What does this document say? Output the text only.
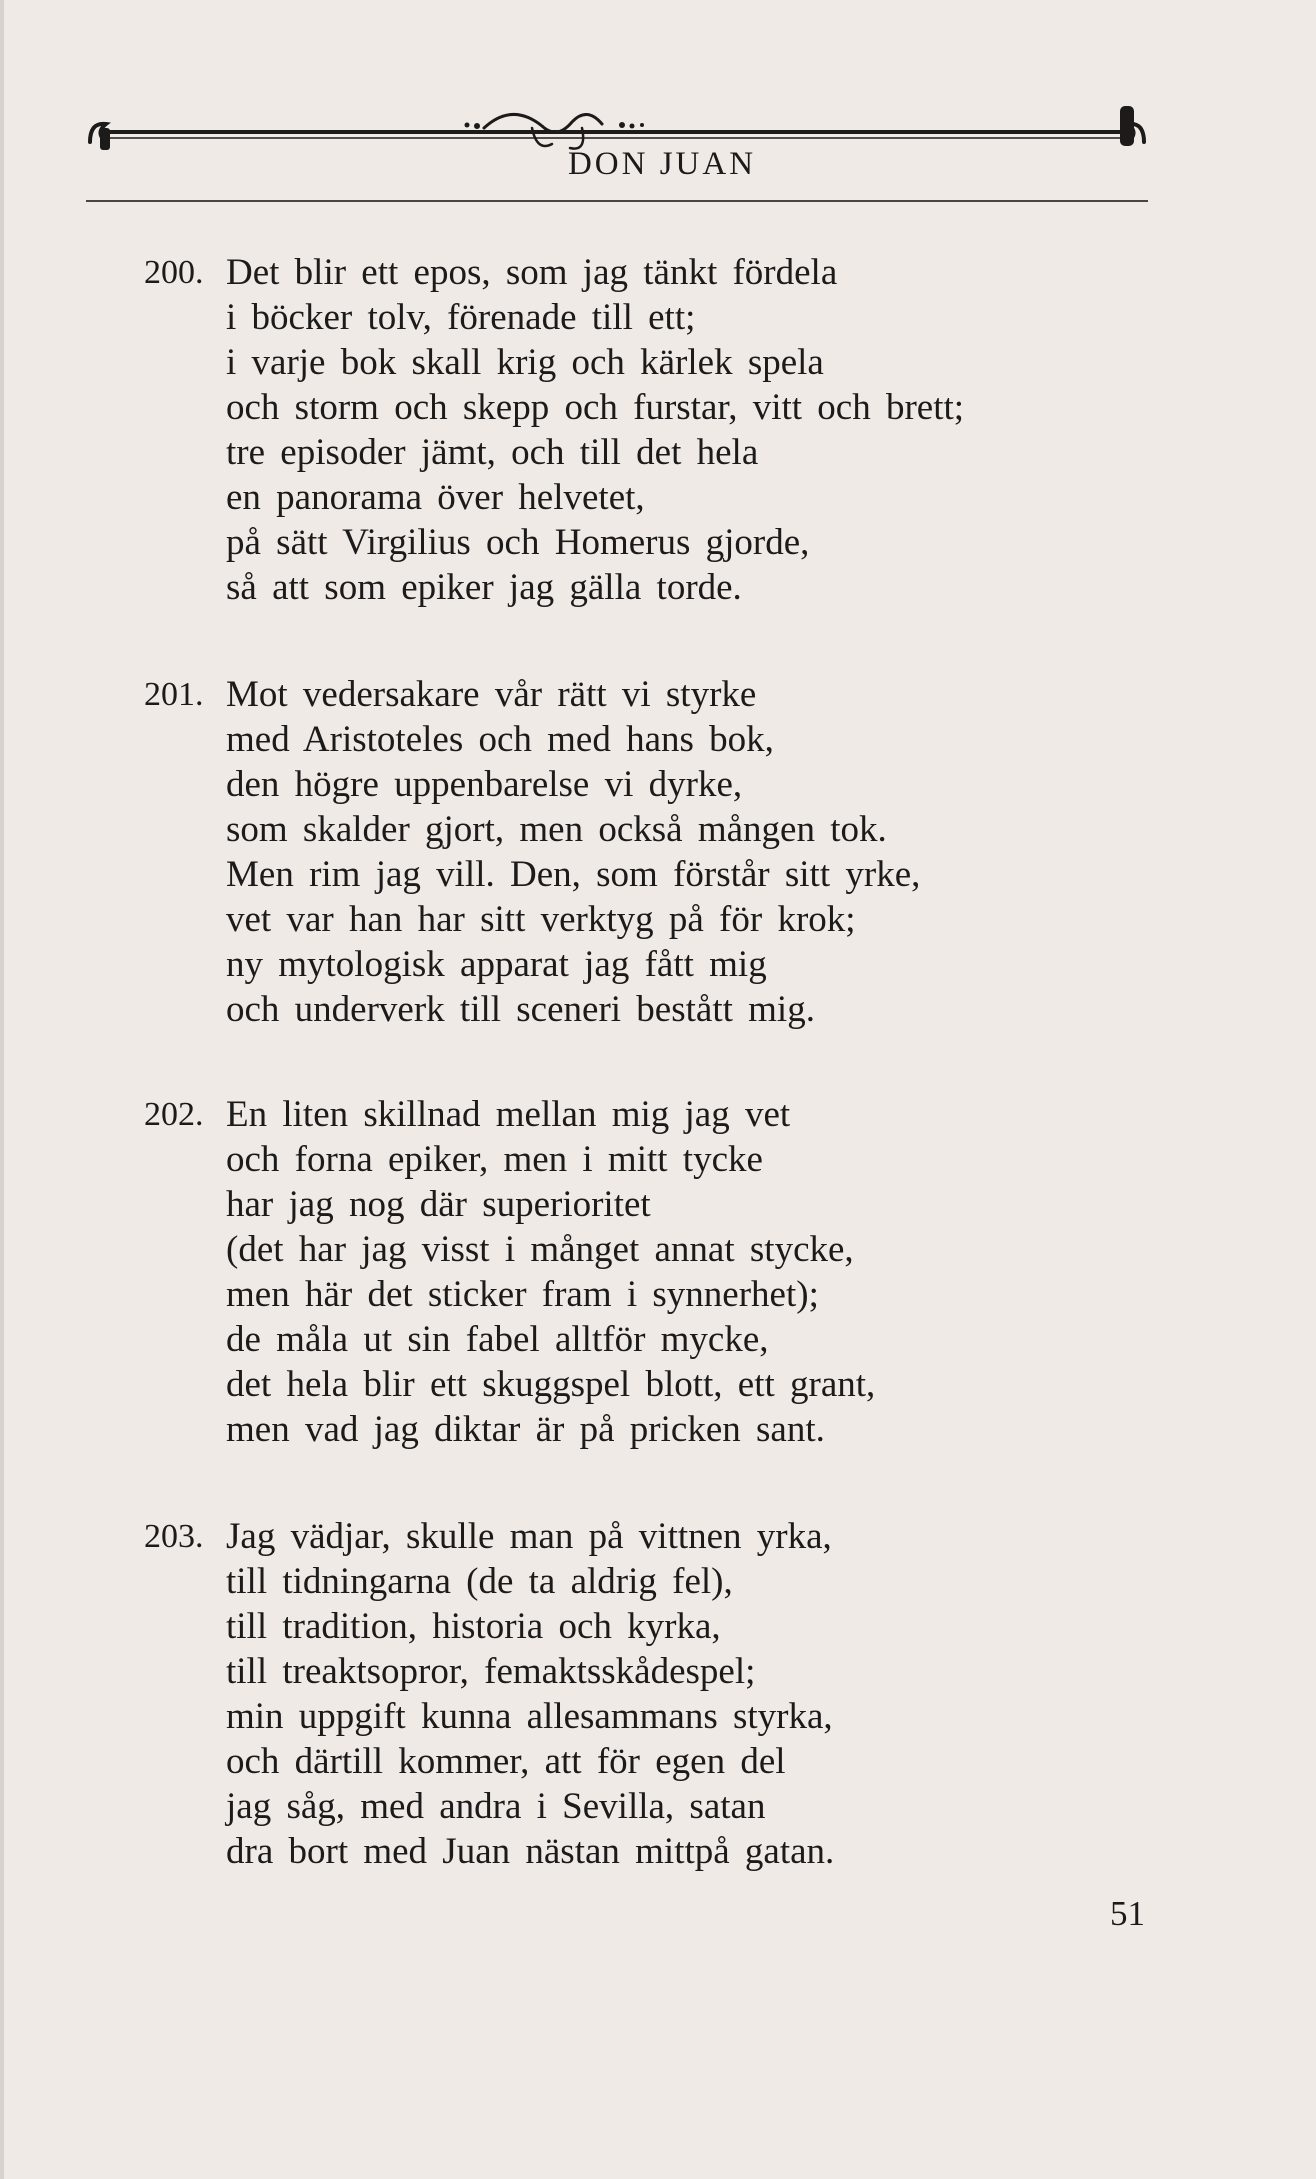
DON JUAN
200. Det blir ett epos, som jag tänkt fördela
i böcker tolv, förenade till ett;
i varje bok skall krig och kärlek spela
och storm och skepp och furstar, vitt och brett;
tre episoder jämt, och till det hela
en panorama över helvetet,
på sätt Virgilius och Homerus gjorde,
så att som epiker jag gälla torde.
201. Mot vedersakare vår rätt vi styrke
med Aristoteles och med hans bok,
den högre uppenbarelse vi dyrke,
som skalder gjort, men också mången tok.
Men rim jag vill. Den, som förstår sitt yrke,
vet var han har sitt verktyg på för krok;
ny mytologisk apparat jag fått mig
och underverk till sceneri bestått mig.
202. En liten skillnad mellan mig jag vet
och forna epiker, men i mitt tycke
har jag nog där superioritet
(det har jag visst i månget annat stycke,
men här det sticker fram i synnerhet);
de måla ut sin fabel alltför mycke,
det hela blir ett skuggspel blott, ett grant,
men vad jag diktar är på pricken sant.
203. Jag vädjar, skulle man på vittnen yrka,
till tidningarna (de ta aldrig fel),
till tradition, historia och kyrka,
till treaktsopror, femaktsskådespel;
min uppgift kunna allesammans styrka,
och därtill kommer, att för egen del
jag såg, med andra i Sevilla, satan
dra bort med Juan nästan mittpå gatan.
51
